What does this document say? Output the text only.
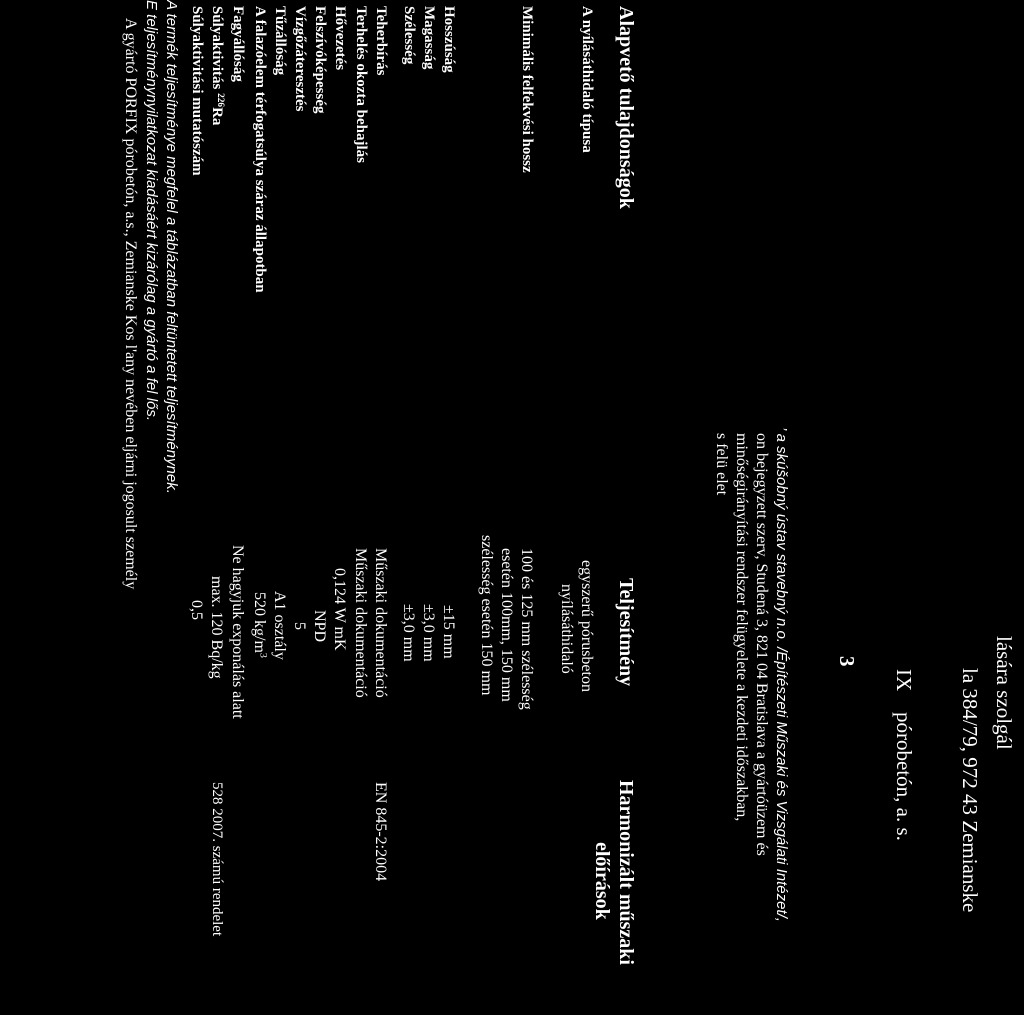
lására szolgál
la 384/79, 972 43 Zemianske
IX
pórobetón, a. s.
3
’ a skúšobný ústav stavebný n.o. /Építészeti Műszaki és Vizsgálati Intézet/,
on bejegyzett szerv, Studená 3, 821 04 Bratislava a gyártóüzem és
minőségirányítási rendszer felügyelete a kezdeti időszakban,
s felü elet
Alapvető tulajdonságok
Teljesítmény
Harmonizált műszaki
előírások
A nyílásáthidaló típusa
egyszerű pórusbeton
nyílásáthidaló
Minimális felfekvési hossz
100 és 125 mm szélesség
esetén 100mm, 150 mm
szélesség esetén 150 mm
Hosszúság
±15 mm
Magasság
±3,0 mm
Szélesség
±3,0 mm
Teherbírás
Műszaki dokumentáció
EN 845-2:2004
Terhelés okozta behajlás
Műszaki dokumentáció
Hővezetés
0,124 W mK
Felszívóképesség
NPD
Vízgőzáteresztés
5
Tűzállóság
A1 osztály
A falazóelem térfogatsúlya száraz állapotban
520 $kg/m^3$
Fagyállóság
Ne hagyjuk exponálás alatt
Súlyaktivitás $^{226}$Ra
max. 120 Bq/kg
528 2007. számú rendelet
Súlyaktivitási mutatószám
0,5
A termék teljesítménye megfelel a táblázatban feltüntetett teljesítménynek.
E teljesítménynyilatkozat kiadásáért kizárólag a gyártó a fel lős.
A gyártó PORFIX pórobetón, a.s., Zemianske Kos l'any nevében eljárni jogosult személy
